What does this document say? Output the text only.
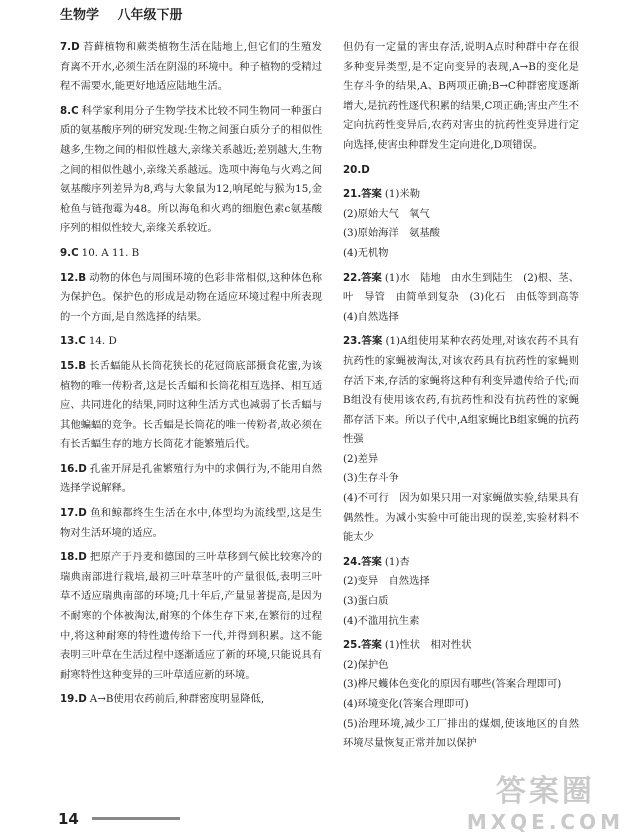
生物学 八年级下册
7.D 苔藓植物和蕨类植物生活在陆地上,但它们的生殖发育离不开水,必须生活在阴湿的环境中。种子植物的受精过程不需要水,能更好地适应陆地生活。
8.C 科学家利用分子生物学技术比较不同生物同一种蛋白质的氨基酸序列的研究发现:生物之间蛋白质分子的相似性越多,生物之间的相似性越大,亲缘关系越近;差别越大,生物之间的相似性越小,亲缘关系越远。选项中海龟与火鸡之间氨基酸序列差异为8,鸡与大象鼠为12,响尾蛇与猴为15,金枪鱼与链孢霉为48。所以海龟和火鸡的细胞色素c氨基酸序列的相似性较大,亲缘关系较近。
9.C 10. A 11. B
12.B 动物的体色与周围环境的色彩非常相似,这种体色称为保护色。保护色的形成是动物在适应环境过程中所表现的一个方面,是自然选择的结果。
13.C 14. D
15.B 长舌蝠能从长筒花狭长的花冠筒底部摄食花蜜,为该植物的唯一传粉者,这是长舌蝠和长筒花相互选择、相互适应、共同进化的结果,同时这种生活方式也减弱了长舌蝠与其他蝙蝠的竞争。长舌蝠是长筒花的唯一传粉者,故必须在有长舌蝠生存的地方长筒花才能繁殖后代。
16.D 孔雀开屏是孔雀繁殖行为中的求偶行为,不能用自然选择学说解释。
17.D 鱼和鲸都终生生活在水中,体型均为流线型,这是生物对生活环境的适应。
18.D 把原产于丹麦和德国的三叶草移到气候比较寒冷的瑞典南部进行栽培,最初三叶草茎叶的产量很低,表明三叶草不适应瑞典南部的环境;几十年后,产量显著提高,是因为不耐寒的个体被淘汰,耐寒的个体生存下来,在繁衍的过程中,将这种耐寒的特性遗传给下一代,并得到积累。这不能表明三叶草在生活过程中逐渐适应了新的环境,只能说具有耐寒特性这种变异的三叶草适应新的环境。
19.D A→B使用农药前后,种群密度明显降低,
但仍有一定量的害虫存活,说明A点时种群中存在很多种变异类型,是不定向变异的表现,A→B的变化是生存斗争的结果,A、B两项正确;B→C种群密度逐渐增大,是抗药性逐代积累的结果,C项正确;害虫产生不定向抗药性变异后,农药对害虫的抗药性变异进行定向选择,使害虫种群发生定向进化,D项错误。
20.D
21.答案 (1)米勒
(2)原始大气　氧气
(3)原始海洋　氨基酸
(4)无机物
22.答案 (1)水　陆地　由水生到陆生　(2)根、茎、叶　导管　由简单到复杂　(3)化石　由低等到高等　(4)自然选择
23.答案 (1)A组使用某种农药处理,对该农药不具有抗药性的家蝇被淘汰,对该农药具有抗药性的家蝇则存活下来,存活的家蝇将这种有利变异遗传给子代;而B组没有使用该农药,有抗药性和没有抗药性的家蝇都存活下来。所以子代中,A组家蝇比B组家蝇的抗药性强
(2)差异
(3)生存斗争
(4)不可行　因为如果只用一对家蝇做实验,结果具有偶然性。为减小实验中可能出现的误差,实验材料不能太少
24.答案 (1)杏
(2)变异　自然选择
(3)蛋白质
(4)不滥用抗生素
25.答案 (1)性状　相对性状
(2)保护色
(3)桦尺蠖体色变化的原因有哪些(答案合理即可)
(4)环境变化(答案合理即可)
(5)治理环境,减少工厂排出的煤烟,使该地区的自然环境尽量恢复正常并加以保护
14
答案圈
MXQE.COM
